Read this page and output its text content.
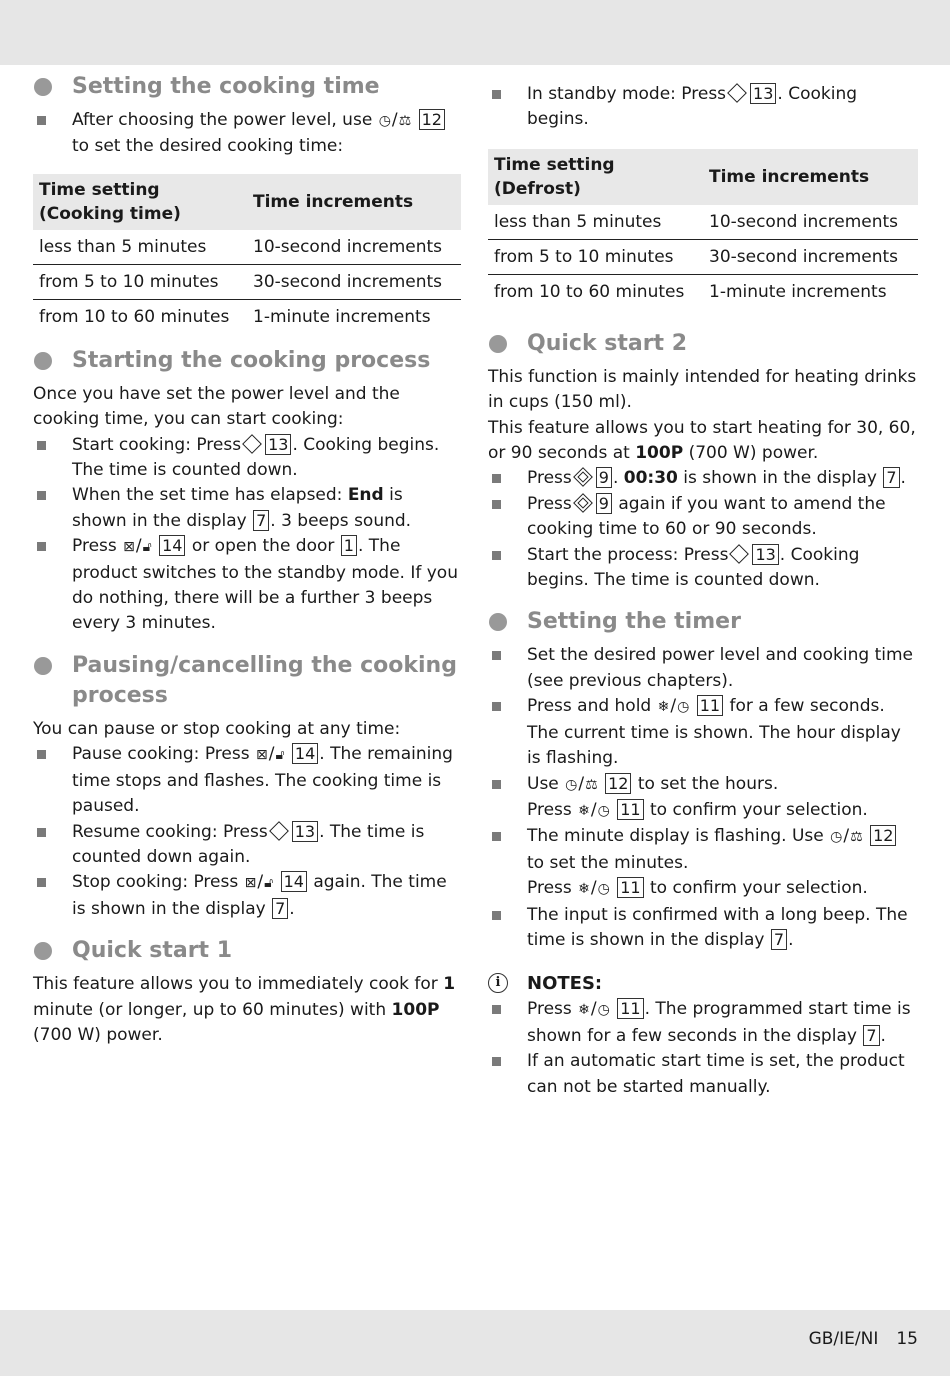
Setting the cooking time
After choosing the power level, use ◷/⚖ 12 to set the desired cooking time:
Time setting (Cooking time)	Time increments
less than 5 minutes	10-second increments
from 5 to 10 minutes	30-second increments
from 10 to 60 minutes	1-minute increments
Starting the cooking process

Once you have set the power level and the cooking time, you can start cooking:

Start cooking: Press 13 . Cooking begins. The time is counted down.
When the set time has elapsed: End is shown in the display 7 . 3 beeps sound.
Press ⊠/🔓︎ 14 or open the door 1 . The product switches to the standby mode. If you do nothing, there will be a further 3 beeps every 3 minutes.
Pausing/cancelling the cooking process

You can pause or stop cooking at any time:

Pause cooking: Press ⊠/🔓︎ 14 . The remaining time stops and flashes. The cooking time is paused.
Resume cooking: Press 13 . The time is counted down again.
Stop cooking: Press ⊠/🔓︎ 14 again. The time is shown in the display 7 .
Quick start 1

This feature allows you to immediately cook for 1 minute (or longer, up to 60 minutes) with 100P (700 W) power.

In standby mode: Press 13 . Cooking begins.
Time setting (Defrost)	Time increments
less than 5 minutes	10-second increments
from 5 to 10 minutes	30-second increments
from 10 to 60 minutes	1-minute increments
Quick start 2

This function is mainly intended for heating drinks in cups (150 ml).

This feature allows you to start heating for 30, 60, or 90 seconds at 100P (700 W) power.

Press 9 . 00:30 is shown in the display 7 .
Press 9 again if you want to amend the cooking time to 60 or 90 seconds.
Start the process: Press 13 . Cooking begins. The time is counted down.
Setting the timer
Set the desired power level and cooking time (see previous chapters).
Press and hold ❄/◷ 11 for a few seconds. The current time is shown. The hour display is flashing.
Use ◷/⚖ 12 to set the hours.
Press ❄/◷ 11 to confirm your selection.
The minute display is flashing. Use ◷/⚖ 12 to set the minutes.
Press ❄/◷ 11 to confirm your selection.
The input is confirmed with a long beep. The time is shown in the display 7 .
i	NOTES:
Press ❄/◷ 11 . The programmed start time is shown for a few seconds in the display 7 .
If an automatic start time is set, the product can not be started manually.
GB/IE/NI 15
